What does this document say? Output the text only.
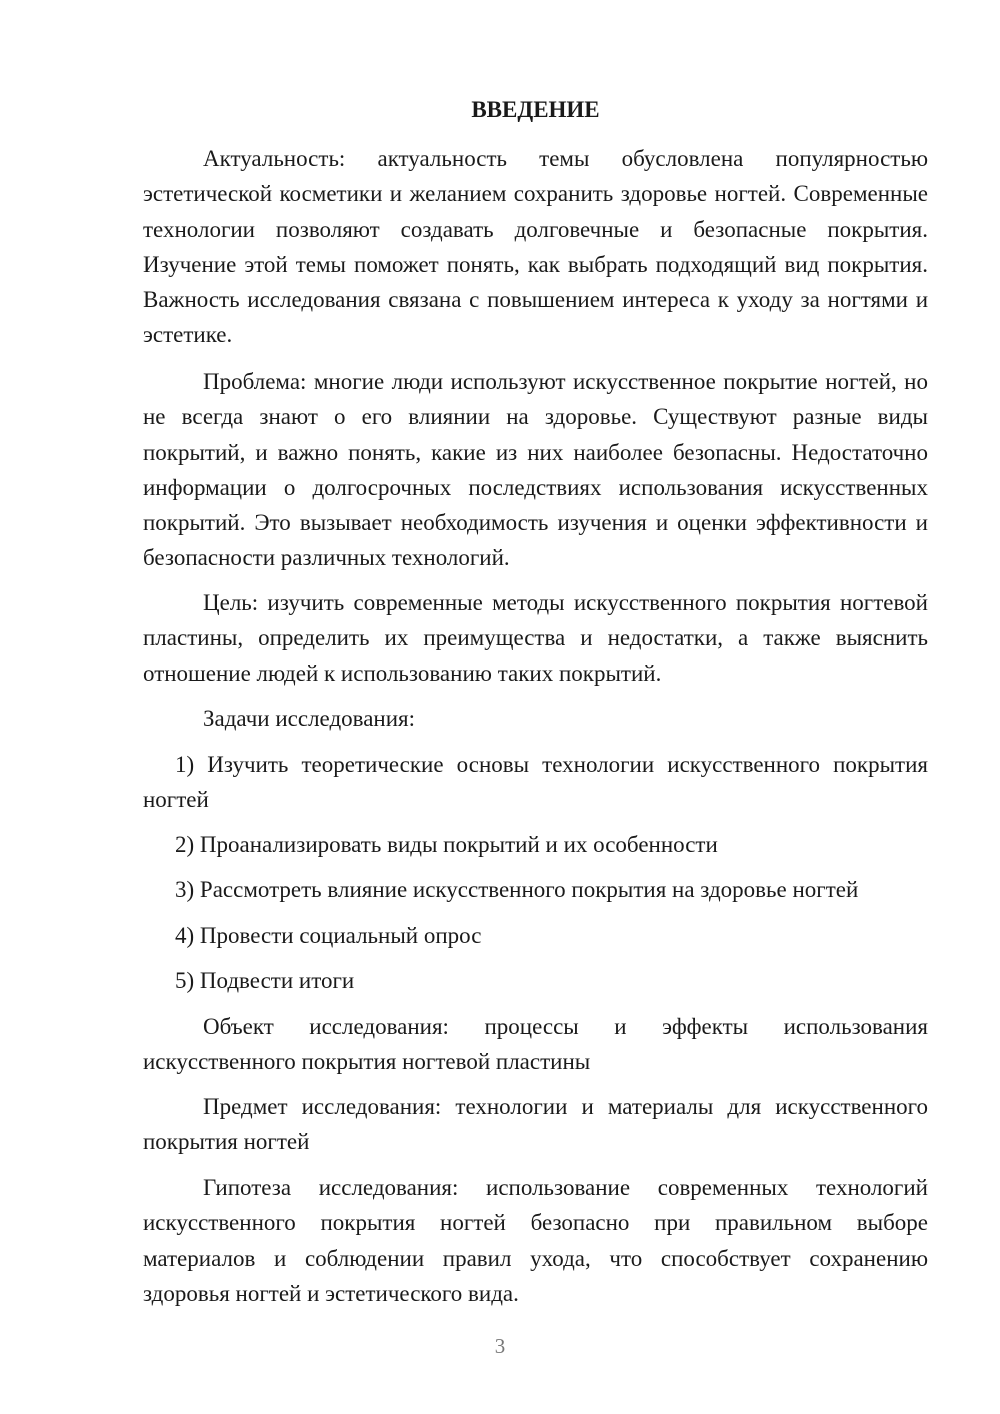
ВВЕДЕНИЕ

Актуальность: актуальность темы обусловлена популярностью эстетической косметики и желанием сохранить здоровье ногтей. Современные технологии позволяют создавать долговечные и безопасные покрытия. Изучение этой темы поможет понять, как выбрать подходящий вид покрытия. Важность исследования связана с повышением интереса к уходу за ногтями и эстетике.

Проблема: многие люди используют искусственное покрытие ногтей, но не всегда знают о его влиянии на здоровье. Существуют разные виды покрытий, и важно понять, какие из них наиболее безопасны. Недостаточно информации о долгосрочных последствиях использования искусственных покрытий. Это вызывает необходимость изучения и оценки эффективности и безопасности различных технологий.

Цель: изучить современные методы искусственного покрытия ногтевой пластины, определить их преимущества и недостатки, а также выяснить отношение людей к использованию таких покрытий.

Задачи исследования:

1) Изучить теоретические основы технологии искусственного покрытия ногтей

2) Проанализировать виды покрытий и их особенности

3) Рассмотреть влияние искусственного покрытия на здоровье ногтей

4) Провести социальный опрос

5) Подвести итоги

Объект исследования: процессы и эффекты использования искусственного покрытия ногтевой пластины

Предмет исследования: технологии и материалы для искусственного покрытия ногтей

Гипотеза исследования: использование современных технологий искусственного покрытия ногтей безопасно при правильном выборе материалов и соблюдении правил ухода, что способствует сохранению здоровья ногтей и эстетического вида.

3
